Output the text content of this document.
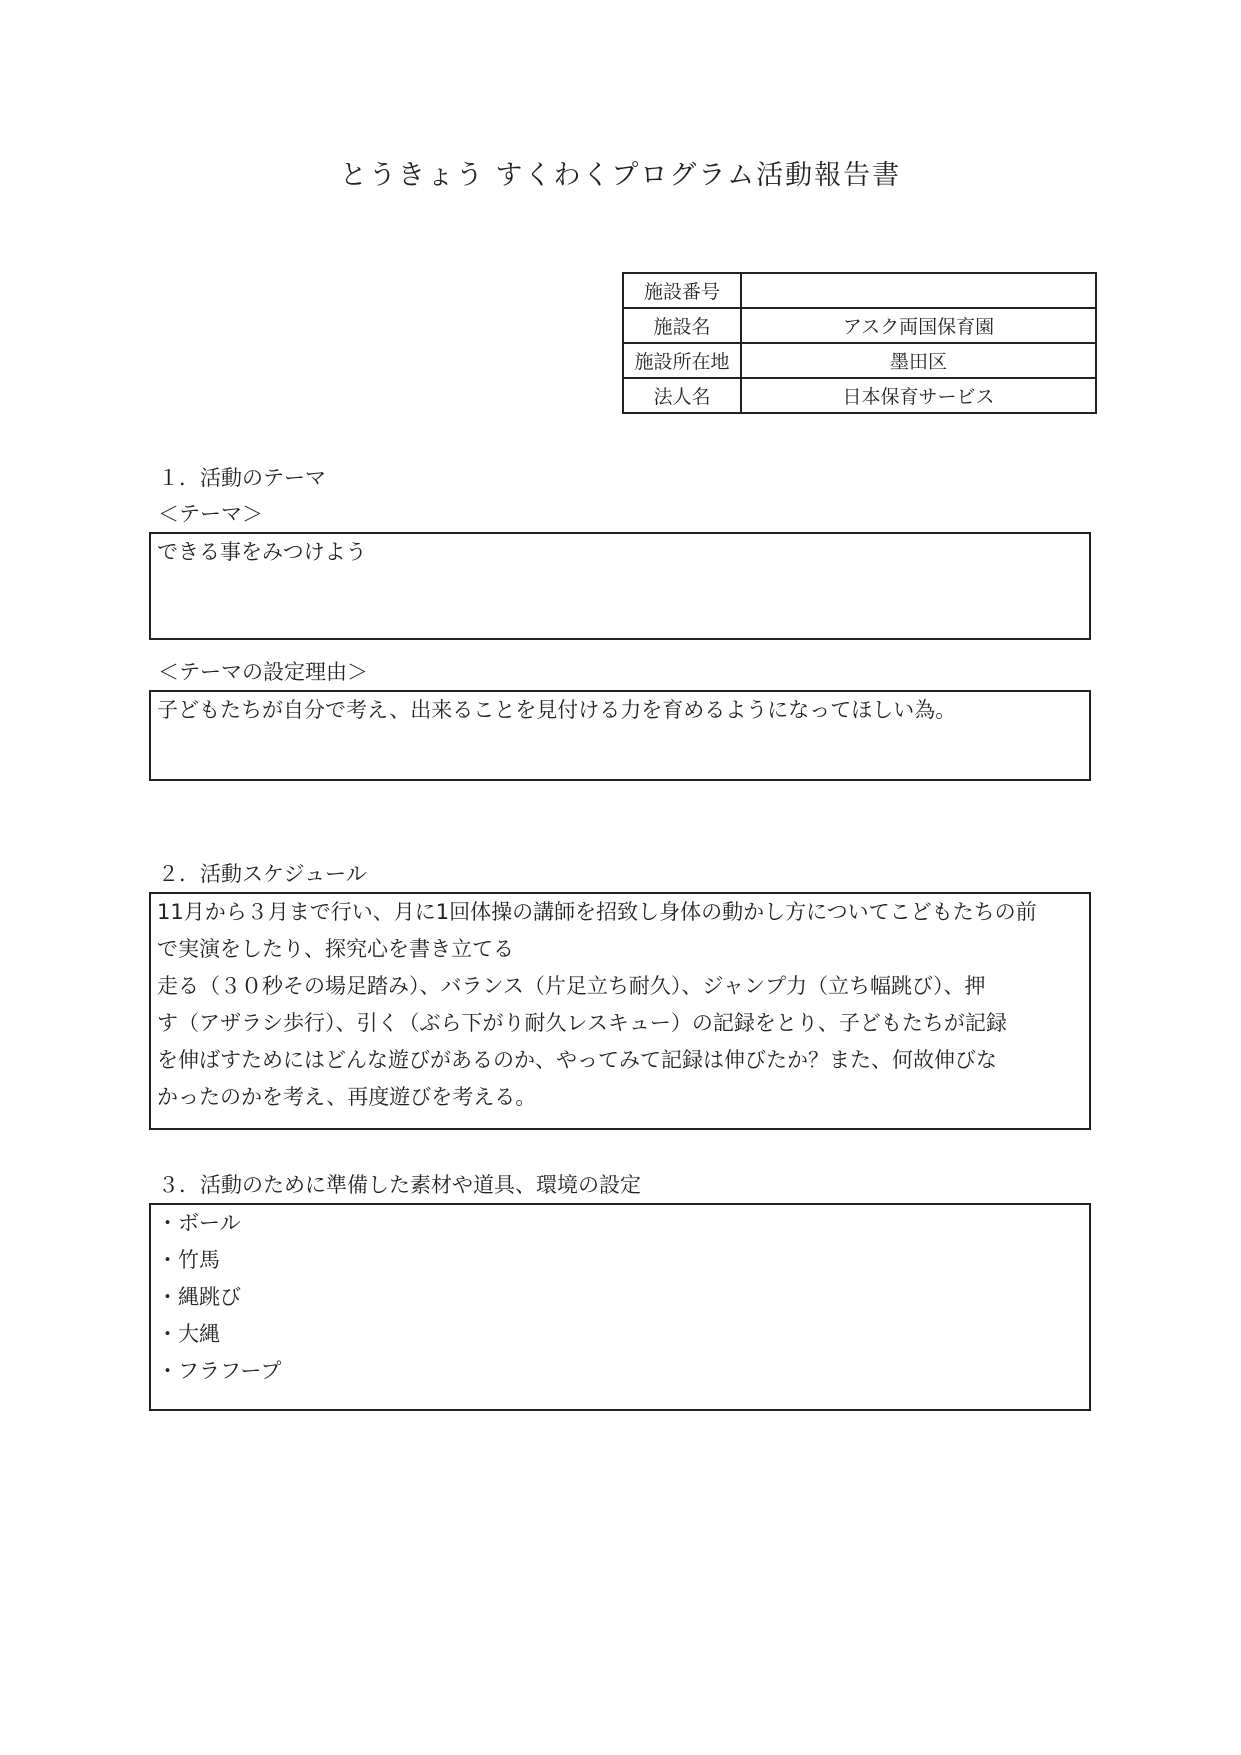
とうきょう すくわくプログラム活動報告書
施設番号	
施設名	アスク両国保育園
施設所在地	墨田区
法人名	日本保育サービス
１．活動のテーマ
＜テーマ＞
できる事をみつけよう
＜テーマの設定理由＞
子どもたちが自分で考え、出来ることを見付ける力を育めるようになってほしい為。
２．活動スケジュール
11月から３月まで行い、月に1回体操の講師を招致し身体の動かし方についてこどもたちの前
で実演をしたり、探究心を書き立てる
走る（３０秒その場足踏み）、バランス（片足立ち耐久）、ジャンプ力（立ち幅跳び）、押
す（アザラシ歩行）、引く（ぶら下がり耐久レスキュー）の記録をとり、子どもたちが記録
を伸ばすためにはどんな遊びがあるのか、やってみて記録は伸びたか？また、何故伸びな
かったのかを考え、再度遊びを考える。
３．活動のために準備した素材や道具、環境の設定
・ボール
・竹馬
・縄跳び
・大縄
・フラフープ
